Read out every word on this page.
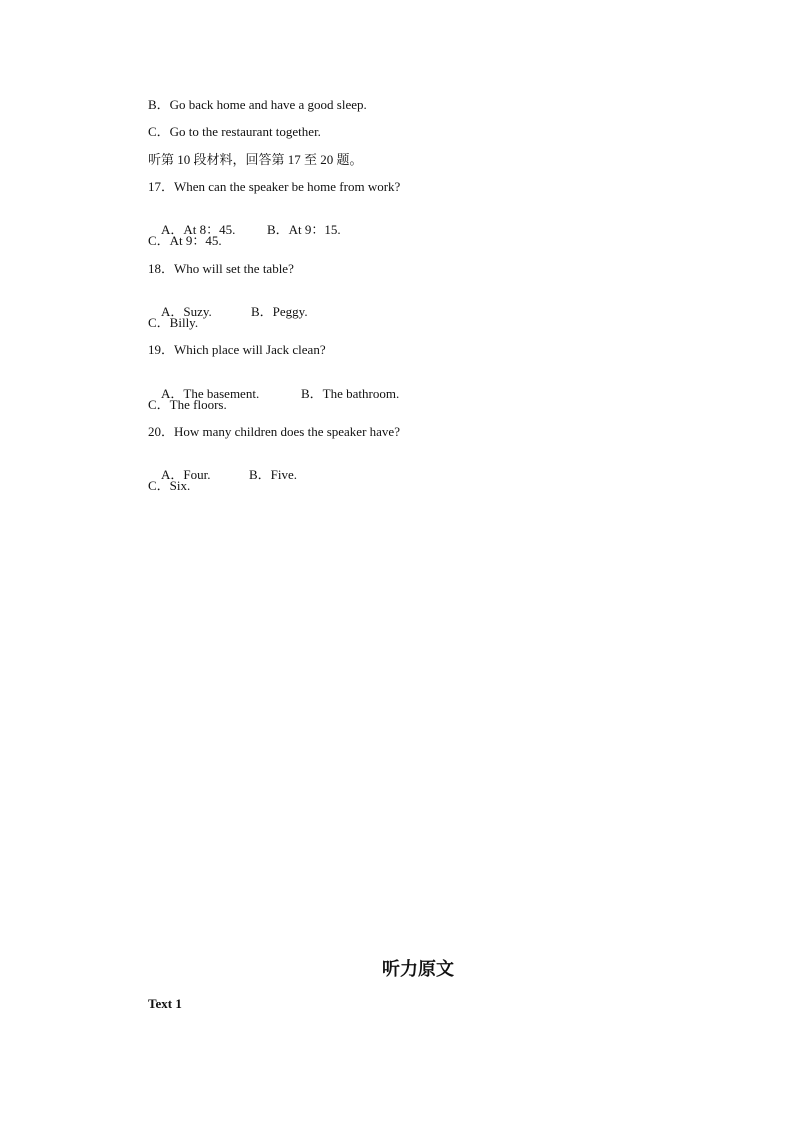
B．Go back home and have a good sleep.
C．Go to the restaurant together.
听第 10 段材料，回答第 17 至 20 题。
17．When can the speaker be home from work?

A．At 8：45. B．At 9：15.

C．At 9：45.
18．Who will set the table?

A．Suzy.	B．Peggy.

C．Billy.
19．Which place will Jack clean?

A．The basement.	B．The bathroom.

C．The floors.
20．How many children does the speaker have?

A．Four.	B．Five.

C．Six.
听力原文
Text 1
